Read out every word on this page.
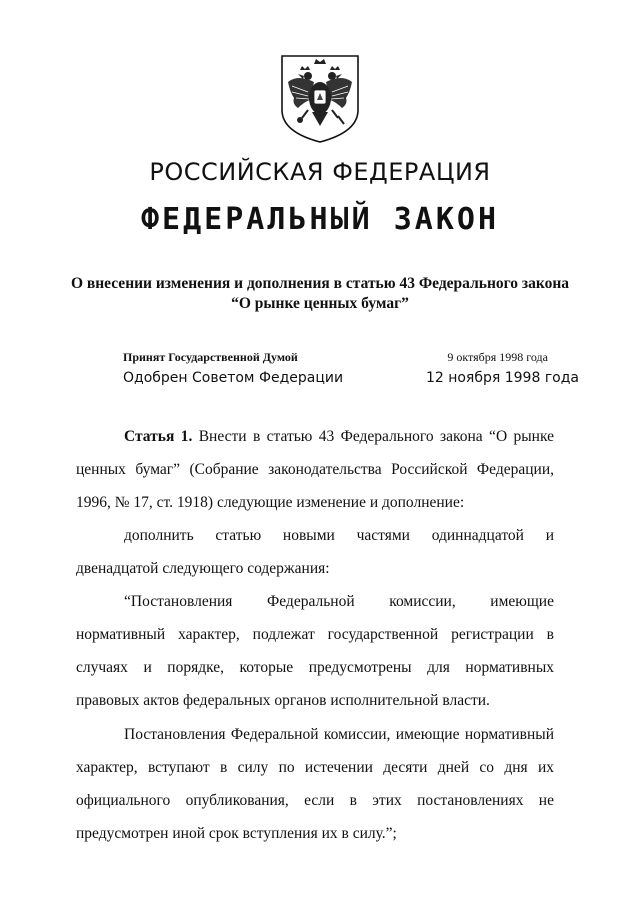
РОССИЙСКАЯ ФЕДЕРАЦИЯ
ФЕДЕРАЛЬНЫЙ ЗАКОН
О внесении изменения и дополнения в статью 43 Федерального закона
“О рынке ценных бумаг”
Принят Государственной Думой	9 октября 1998 года
Одобрен Советом Федерации	12 ноября 1998 года
Статья 1. Внести в статью 43 Федерального закона “О рынке
ценных бумаг” (Собрание законодательства Российской Федерации,
1996, № 17, ст. 1918) следующие изменение и дополнение:
дополнить статью новыми частями одиннадцатой и
двенадцатой следующего содержания:
“Постановления Федеральной комиссии, имеющие
нормативный характер, подлежат государственной регистрации в
случаях и порядке, которые предусмотрены для нормативных
правовых актов федеральных органов исполнительной власти.
Постановления Федеральной комиссии, имеющие нормативный
характер, вступают в силу по истечении десяти дней со дня их
официального опубликования, если в этих постановлениях не
предусмотрен иной срок вступления их в силу.”;
